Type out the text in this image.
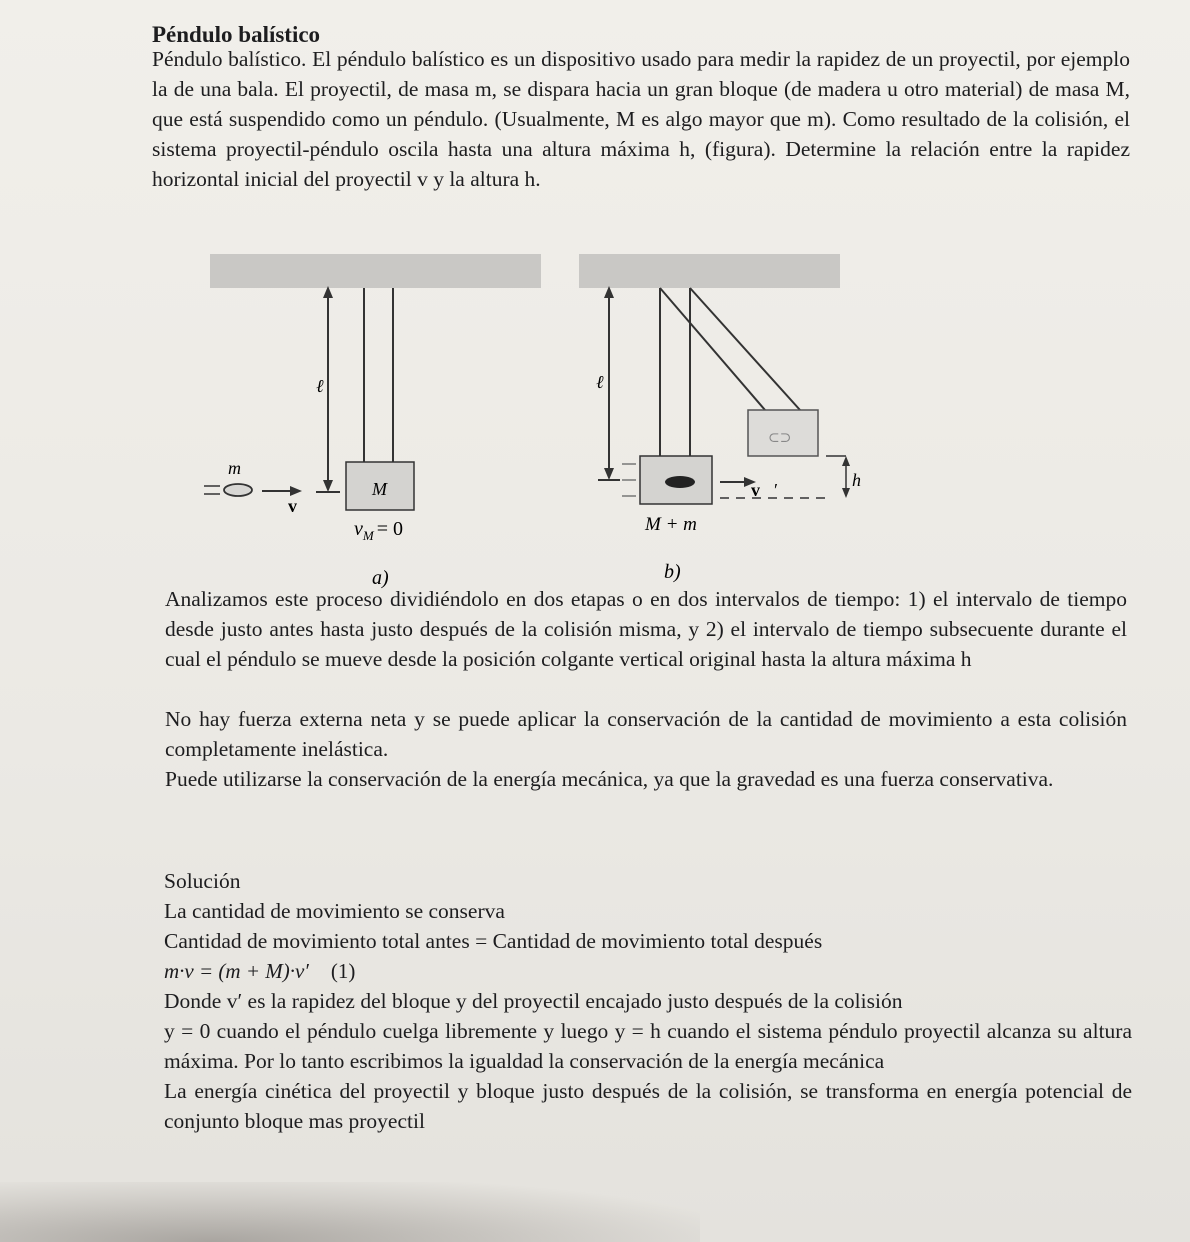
Péndulo balístico

Péndulo balístico. El péndulo balístico es un dispositivo usado para medir la rapidez de un proyectil, por ejemplo la de una bala. El proyectil, de masa m, se dispara hacia un gran bloque (de madera u otro material) de masa M, que está suspendido como un péndulo. (Usualmente, M es algo mayor que m). Como resultado de la colisión, el sistema proyectil-péndulo oscila hasta una altura máxima h, (figura). Determine la relación entre la rapidez horizontal inicial del proyectil v y la altura h.

ℓ
M
m
v⃗
$v_M = 0$
a)
ℓ
⊂⊃
v⃗′	h
M + m
b)

Analizamos este proceso dividiéndolo en dos etapas o en dos intervalos de tiempo: 1) el intervalo de tiempo desde justo antes hasta justo después de la colisión misma, y 2) el intervalo de tiempo subsecuente durante el cual el péndulo se mueve desde la posición colgante vertical original hasta la altura máxima h

No hay fuerza externa neta y se puede aplicar la conservación de la cantidad de movimiento a esta colisión completamente inelástica.

Puede utilizarse la conservación de la energía mecánica, ya que la gravedad es una fuerza conservativa.

Solución
La cantidad de movimiento se conserva
Cantidad de movimiento total antes = Cantidad de movimiento total después
m·v = (m + M)·v′ (1)
Donde v′ es la rapidez del bloque y del proyectil encajado justo después de la colisión
y = 0 cuando el péndulo cuelga libremente y luego y = h cuando el sistema péndulo proyectil alcanza su altura máxima. Por lo tanto escribimos la igualdad la conservación de la energía mecánica
La energía cinética del proyectil y bloque justo después de la colisión, se transforma en energía potencial de conjunto bloque mas proyectil
